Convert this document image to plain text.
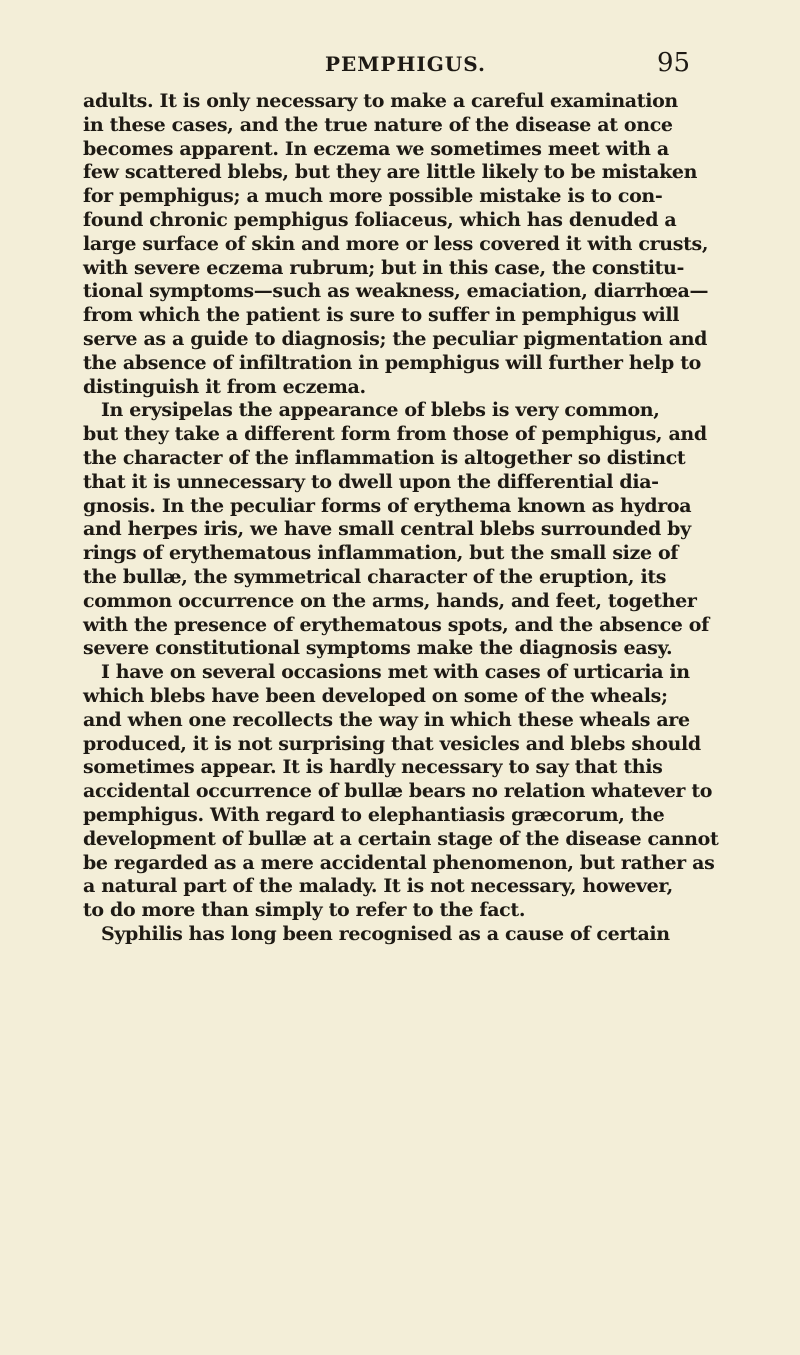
PEMPHIGUS.	95
adults. It is only necessary to make a careful examination
in these cases, and the true nature of the disease at once
becomes apparent. In eczema we sometimes meet with a
few scattered blebs, but they are little likely to be mistaken
for pemphigus; a much more possible mistake is to con-
found chronic pemphigus foliaceus, which has denuded a
large surface of skin and more or less covered it with crusts,
with severe eczema rubrum; but in this case, the constitu-
tional symptoms—such as weakness, emaciation, diarrhœa—
from which the patient is sure to suffer in pemphigus will
serve as a guide to diagnosis; the peculiar pigmentation and
the absence of infiltration in pemphigus will further help to
distinguish it from eczema.
In erysipelas the appearance of blebs is very common,
but they take a different form from those of pemphigus, and
the character of the inflammation is altogether so distinct
that it is unnecessary to dwell upon the differential dia-
gnosis. In the peculiar forms of erythema known as hydroa
and herpes iris, we have small central blebs surrounded by
rings of erythematous inflammation, but the small size of
the bullæ, the symmetrical character of the eruption, its
common occurrence on the arms, hands, and feet, together
with the presence of erythematous spots, and the absence of
severe constitutional symptoms make the diagnosis easy.
I have on several occasions met with cases of urticaria in
which blebs have been developed on some of the wheals;
and when one recollects the way in which these wheals are
produced, it is not surprising that vesicles and blebs should
sometimes appear. It is hardly necessary to say that this
accidental occurrence of bullæ bears no relation whatever to
pemphigus. With regard to elephantiasis græcorum, the
development of bullæ at a certain stage of the disease cannot
be regarded as a mere accidental phenomenon, but rather as
a natural part of the malady. It is not necessary, however,
to do more than simply to refer to the fact.
Syphilis has long been recognised as a cause of certain
